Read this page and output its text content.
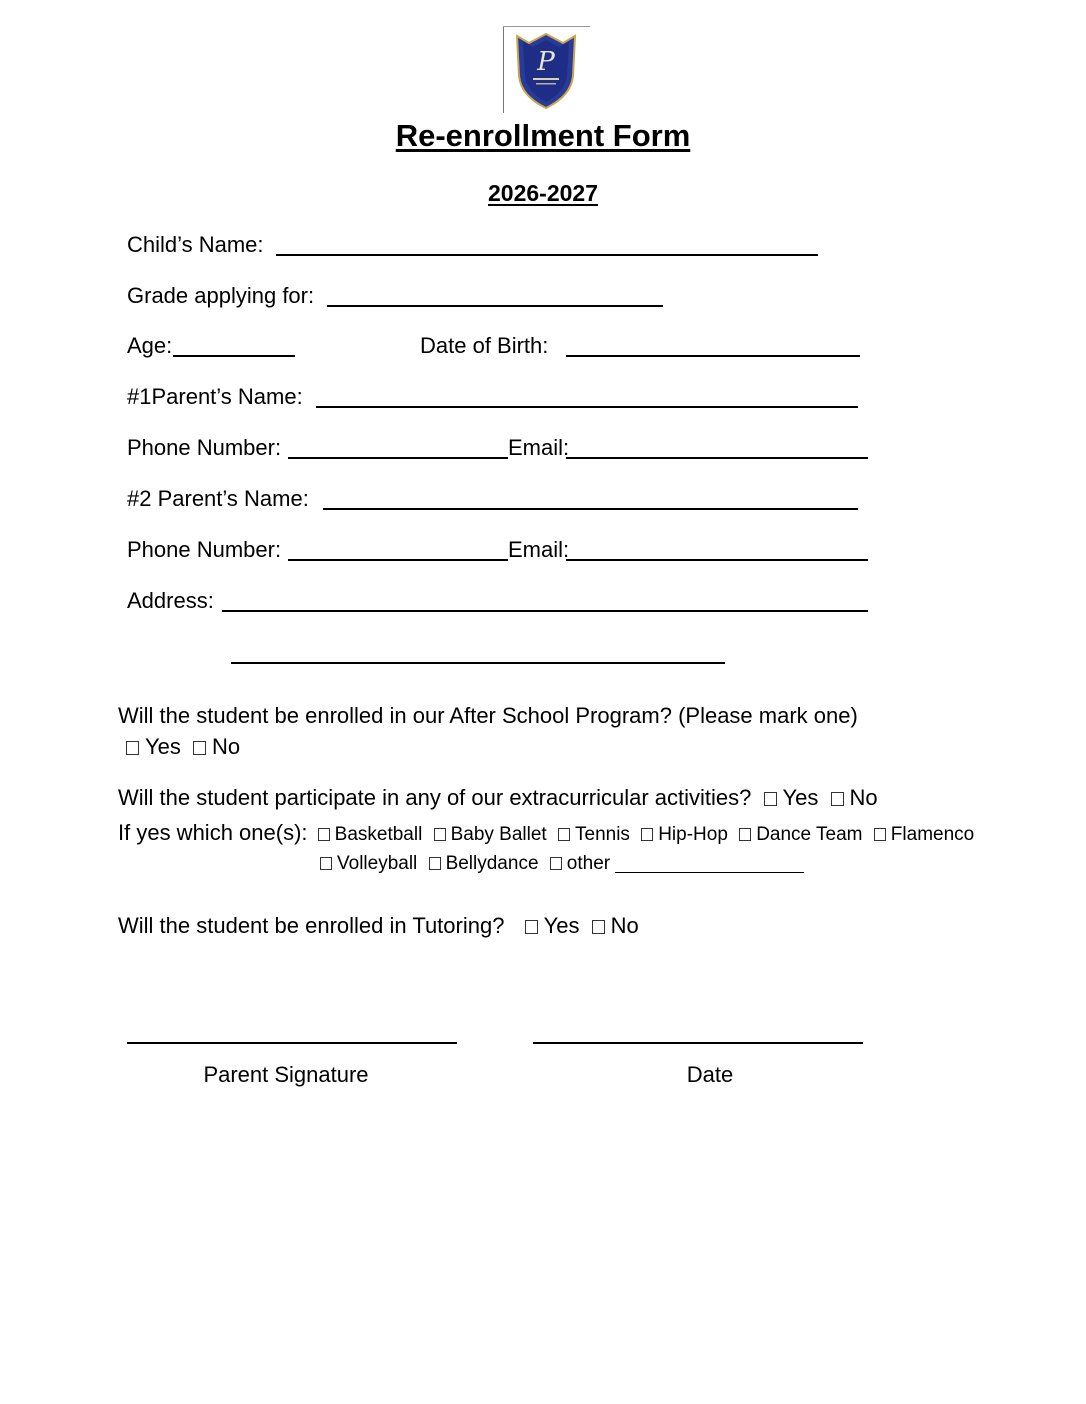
P
Re-enrollment Form
2026-2027
Child’s Name:
Grade applying for:
Age:	Date of Birth:
#1Parent’s Name:
Phone Number:	Email:
#2 Parent’s Name:
Phone Number:	Email:
Address:
Will the student be enrolled in our After School Program? (Please mark one)
Yes No
Will the student participate in any of our extracurricular activities? Yes No
If yes which one(s): Basketball Baby Ballet Tennis Hip-Hop Dance Team Flamenco
Volleyball Bellydance other
Will the student be enrolled in Tutoring? Yes No
Parent Signature	Date
